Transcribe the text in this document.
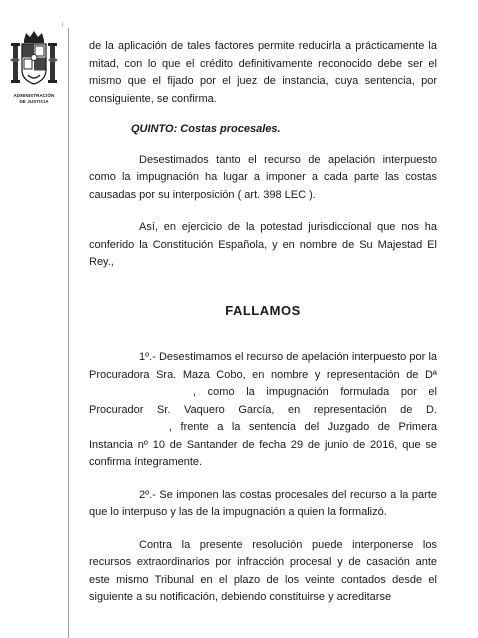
ʲ
ADMINISTRACIÓN
DE JUSTICIA

de la aplicación de tales factores permite reducirla a prácticamente la mitad, con lo que el crédito definitivamente reconocido debe ser el mismo que el fijado por el juez de instancia, cuya sentencia, por consiguiente, se confirma.

QUINTO: Costas procesales.

Desestimados tanto el recurso de apelación interpuesto como la impugnación ha lugar a imponer a cada parte las costas causadas por su interposición ( art. 398 LEC ).

Así, en ejercicio de la potestad jurisdiccional que nos ha conferido la Constitución Española, y en nombre de Su Majestad El Rey.,

FALLAMOS

1º.- Desestimamos el recurso de apelación interpuesto por la Procuradora Sra. Maza Cobo, en nombre y representación de Dª, como la impugnación formulada por el Procurador Sr. Vaquero García, en representación de D., frente a la sentencia del Juzgado de Primera Instancia nº 10 de Santander de fecha 29 de junio de 2016, que se confirma íntegramente.

2º.- Se imponen las costas procesales del recurso a la parte que lo interpuso y las de la impugnación a quien la formalizó.

Contra la presente resolución puede interponerse los recursos extraordinarios por infracción procesal y de casación ante este mismo Tribunal en el plazo de los veinte contados desde el siguiente a su notificación, debiendo constituirse y acreditarse
